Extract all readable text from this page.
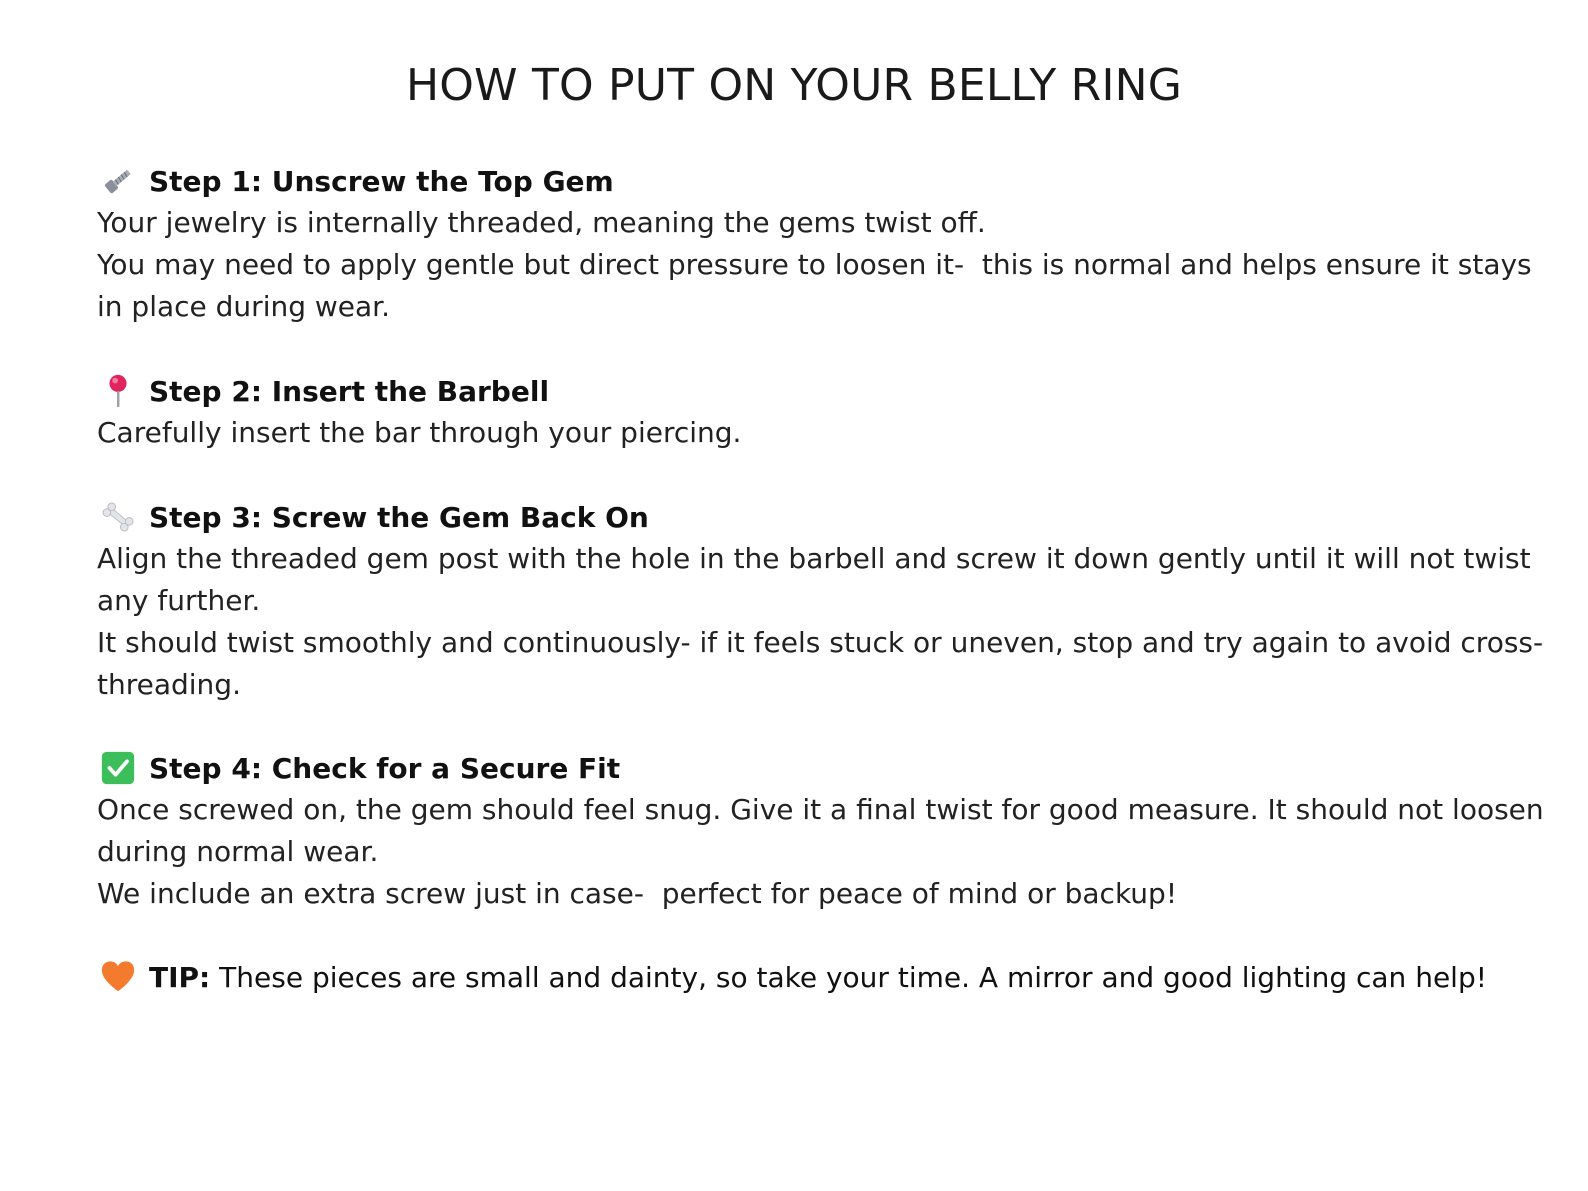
HOW TO PUT ON YOUR BELLY RING
Step 1: Unscrew the Top Gem

Your jewelry is internally threaded, meaning the gems twist off.

You may need to apply gentle but direct pressure to loosen it-  this is normal and helps ensure it stays in place during wear.

Step 2: Insert the Barbell

Carefully insert the bar through your piercing.

Step 3: Screw the Gem Back On

Align the threaded gem post with the hole in the barbell and screw it down gently until it will not twist any further.

It should twist smoothly and continuously- if it feels stuck or uneven, stop and try again to avoid cross-threading.

Step 4: Check for a Secure Fit

Once screwed on, the gem should feel snug. Give it a final twist for good measure. It should not loosen during normal wear.

We include an extra screw just in case-  perfect for peace of mind or backup!

TIP: These pieces are small and dainty, so take your time. A mirror and good lighting can help!
